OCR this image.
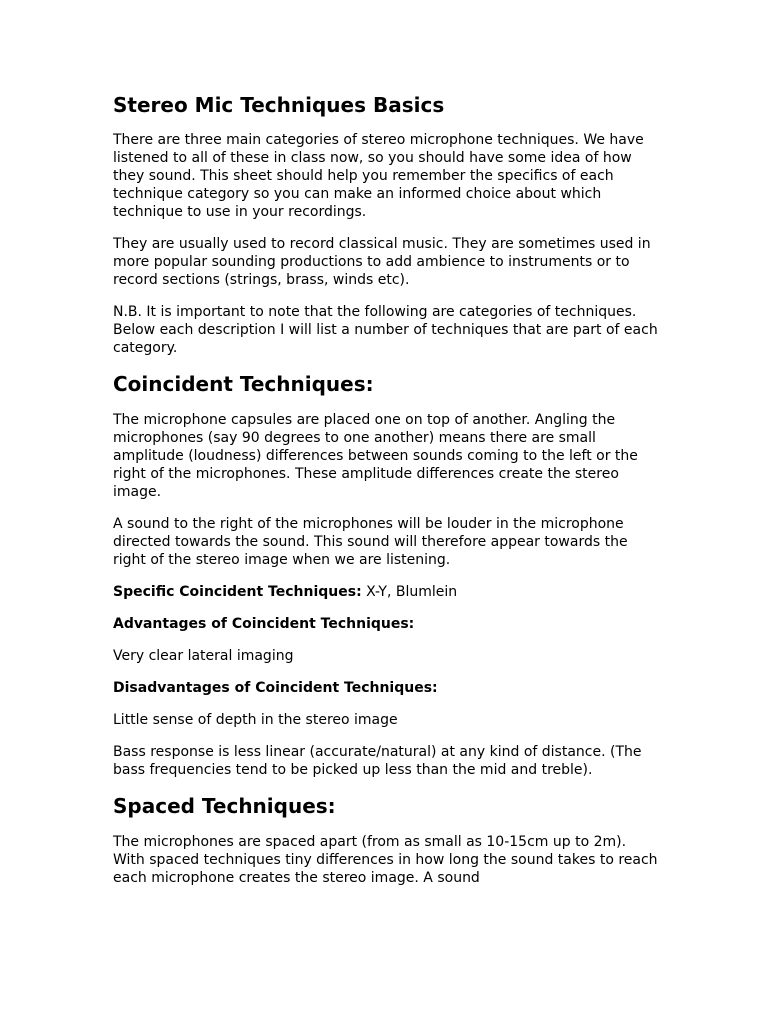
Stereo Mic Techniques Basics

There are three main categories of stereo microphone techniques. We have listened to all of these in class now, so you should have some idea of how they sound. This sheet should help you remember the specifics of each technique category so you can make an informed choice about which technique to use in your recordings.

They are usually used to record classical music. They are sometimes used in more popular sounding productions to add ambience to instruments or to record sections (strings, brass, winds etc).

N.B. It is important to note that the following are categories of techniques. Below each description I will list a number of techniques that are part of each category.

Coincident Techniques:

The microphone capsules are placed one on top of another. Angling the microphones (say 90 degrees to one another) means there are small amplitude (loudness) differences between sounds coming to the left or the right of the microphones. These amplitude differences create the stereo image.

A sound to the right of the microphones will be louder in the microphone directed towards the sound. This sound will therefore appear towards the right of the stereo image when we are listening.

Specific Coincident Techniques: X-Y, Blumlein

Advantages of Coincident Techniques:

Very clear lateral imaging

Disadvantages of Coincident Techniques:

Little sense of depth in the stereo image

Bass response is less linear (accurate/natural) at any kind of distance. (The bass frequencies tend to be picked up less than the mid and treble).

Spaced Techniques:

The microphones are spaced apart (from as small as 10-15cm up to 2m). With spaced techniques tiny differences in how long the sound takes to reach each microphone creates the stereo image. A sound
